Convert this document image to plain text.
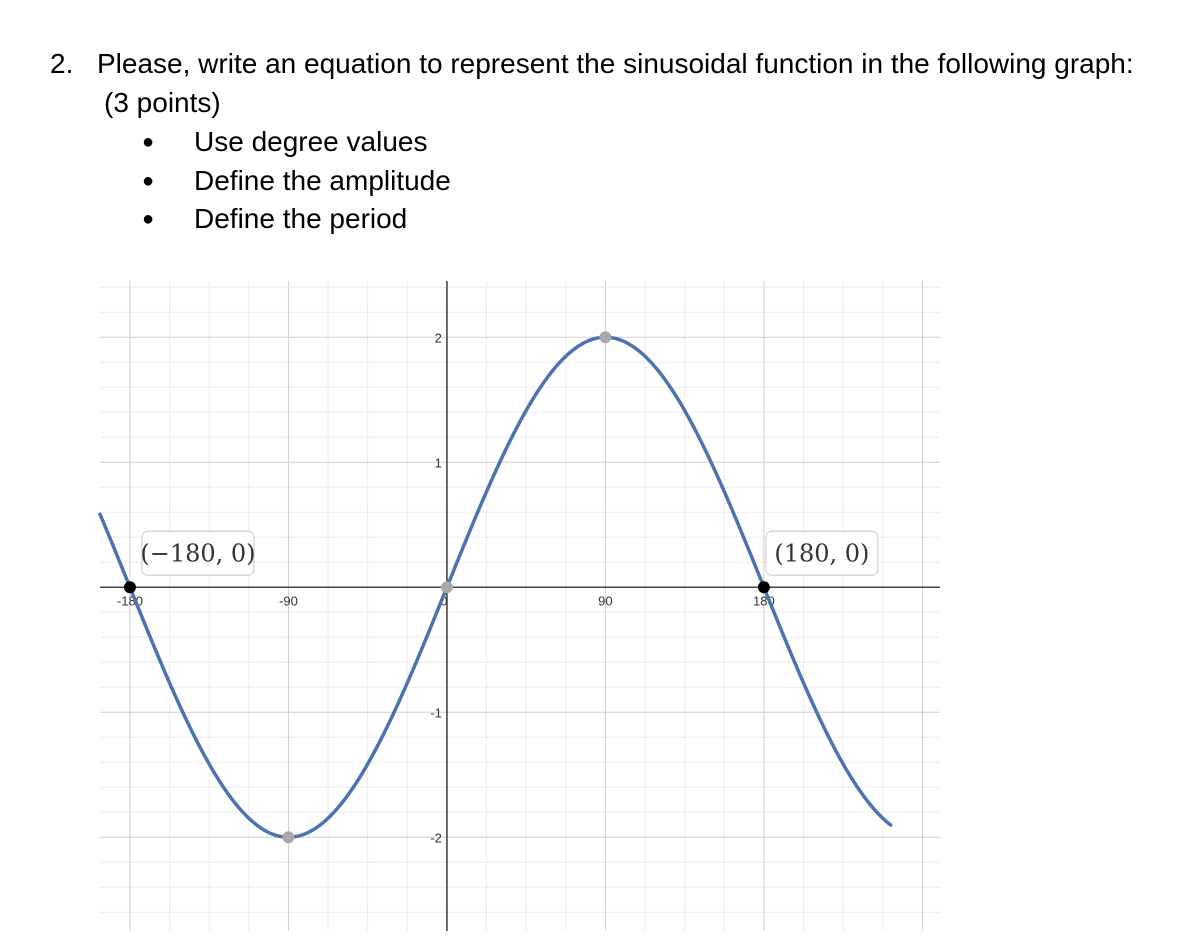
2. Please, write an equation to represent the sinusoidal function in the following graph:
(3 points)
● Use degree values
● Define the amplitude
● Define the period
-180	-90	0	90	180
2
1
-1
-2
(−180, 0)	(180, 0)
